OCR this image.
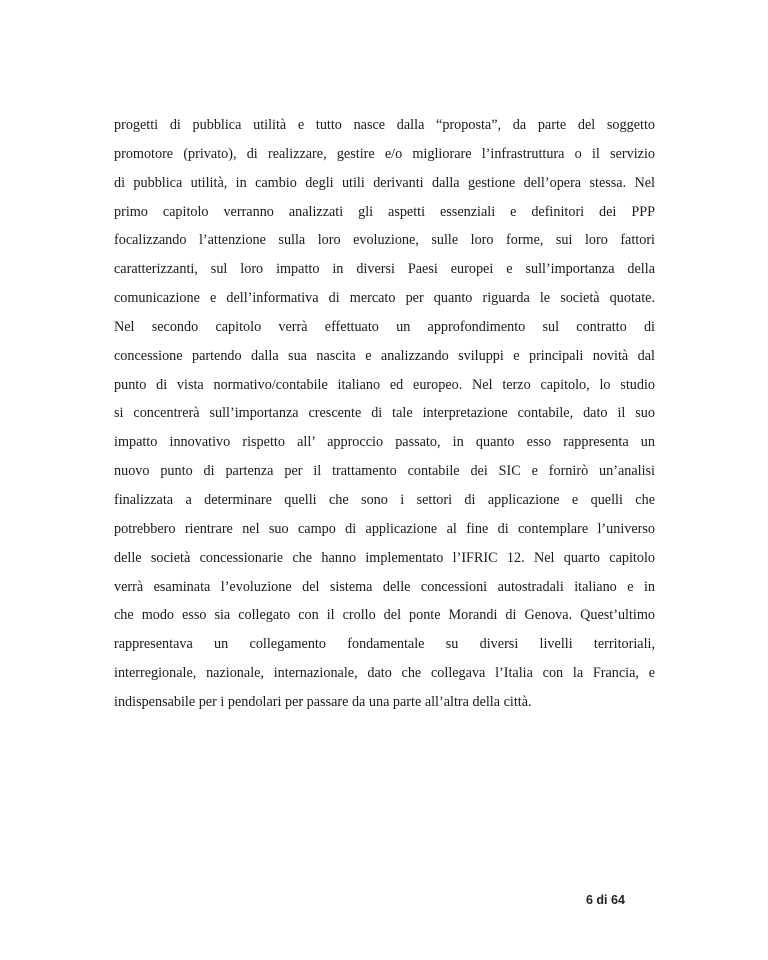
progetti di pubblica utilità e tutto nasce dalla “proposta”, da parte del soggetto
promotore (privato), di realizzare, gestire e/o migliorare l’infrastruttura o il servizio
di pubblica utilità, in cambio degli utili derivanti dalla gestione dell’opera stessa. Nel
primo capitolo verranno analizzati gli aspetti essenziali e definitori dei PPP
focalizzando l’attenzione sulla loro evoluzione, sulle loro forme, sui loro fattori
caratterizzanti, sul loro impatto in diversi Paesi europei e sull’importanza della
comunicazione e dell’informativa di mercato per quanto riguarda le società quotate.
Nel secondo capitolo verrà effettuato un approfondimento sul contratto di
concessione partendo dalla sua nascita e analizzando sviluppi e principali novità dal
punto di vista normativo/contabile italiano ed europeo. Nel terzo capitolo, lo studio
si concentrerà sull’importanza crescente di tale interpretazione contabile, dato il suo
impatto innovativo rispetto all’ approccio passato, in quanto esso rappresenta un
nuovo punto di partenza per il trattamento contabile dei SIC e fornirò un’analisi
finalizzata a determinare quelli che sono i settori di applicazione e quelli che
potrebbero rientrare nel suo campo di applicazione al fine di contemplare l’universo
delle società concessionarie che hanno implementato l’IFRIC 12. Nel quarto capitolo
verrà esaminata l’evoluzione del sistema delle concessioni autostradali italiano e in
che modo esso sia collegato con il crollo del ponte Morandi di Genova. Quest’ultimo
rappresentava un collegamento fondamentale su diversi livelli territoriali,
interregionale, nazionale, internazionale, dato che collegava l’Italia con la Francia, e
indispensabile per i pendolari per passare da una parte all’altra della città.
6 di 64
